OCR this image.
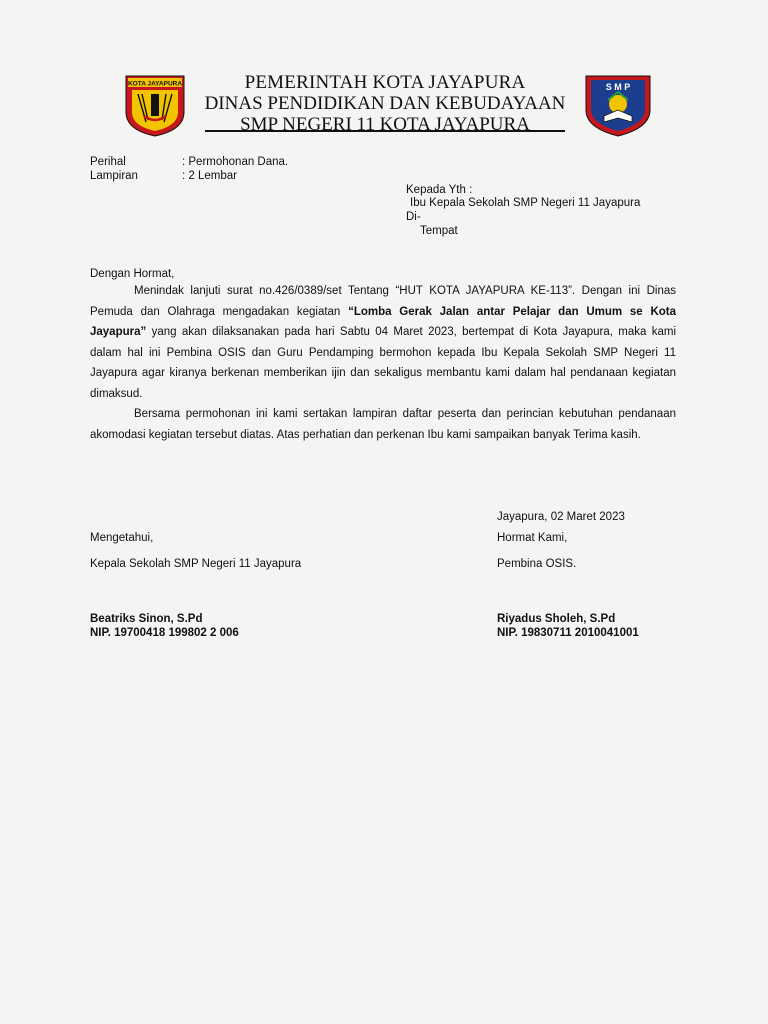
KOTA JAYAPURA	S M P
PEMERINTAH KOTA JAYAPURA
DINAS PENDIDIKAN DAN KEBUDAYAAN
SMP NEGERI 11 KOTA JAYAPURA
Perihal	: Permohonan Dana.
Lampiran	: 2 Lembar
Kepada Yth :
Ibu Kepala Sekolah SMP Negeri 11 Jayapura
Di-
Tempat
Dengan Hormat,
Menindak lanjuti surat no.426/0389/set Tentang “HUT KOTA JAYAPURA KE-113”. Dengan ini Dinas Pemuda dan Olahraga mengadakan kegiatan “Lomba Gerak Jalan antar Pelajar dan Umum se Kota Jayapura” yang akan dilaksanakan pada hari Sabtu 04 Maret 2023, bertempat di Kota Jayapura, maka kami dalam hal ini Pembina OSIS dan Guru Pendamping bermohon kepada Ibu Kepala Sekolah SMP Negeri 11 Jayapura agar kiranya berkenan memberikan ijin dan sekaligus membantu kami dalam hal pendanaan kegiatan dimaksud.
Bersama permohonan ini kami sertakan lampiran daftar peserta dan perincian kebutuhan pendanaan akomodasi kegiatan tersebut diatas. Atas perhatian dan perkenan Ibu kami sampaikan banyak Terima kasih.
Jayapura, 02 Maret 2023
Mengetahui,	Hormat Kami,
Kepala Sekolah SMP Negeri 11 Jayapura	Pembina OSIS.
Beatriks Sinon, S.Pd
NIP. 19700418 199802 2 006
Riyadus Sholeh, S.Pd
NIP. 19830711 2010041001
